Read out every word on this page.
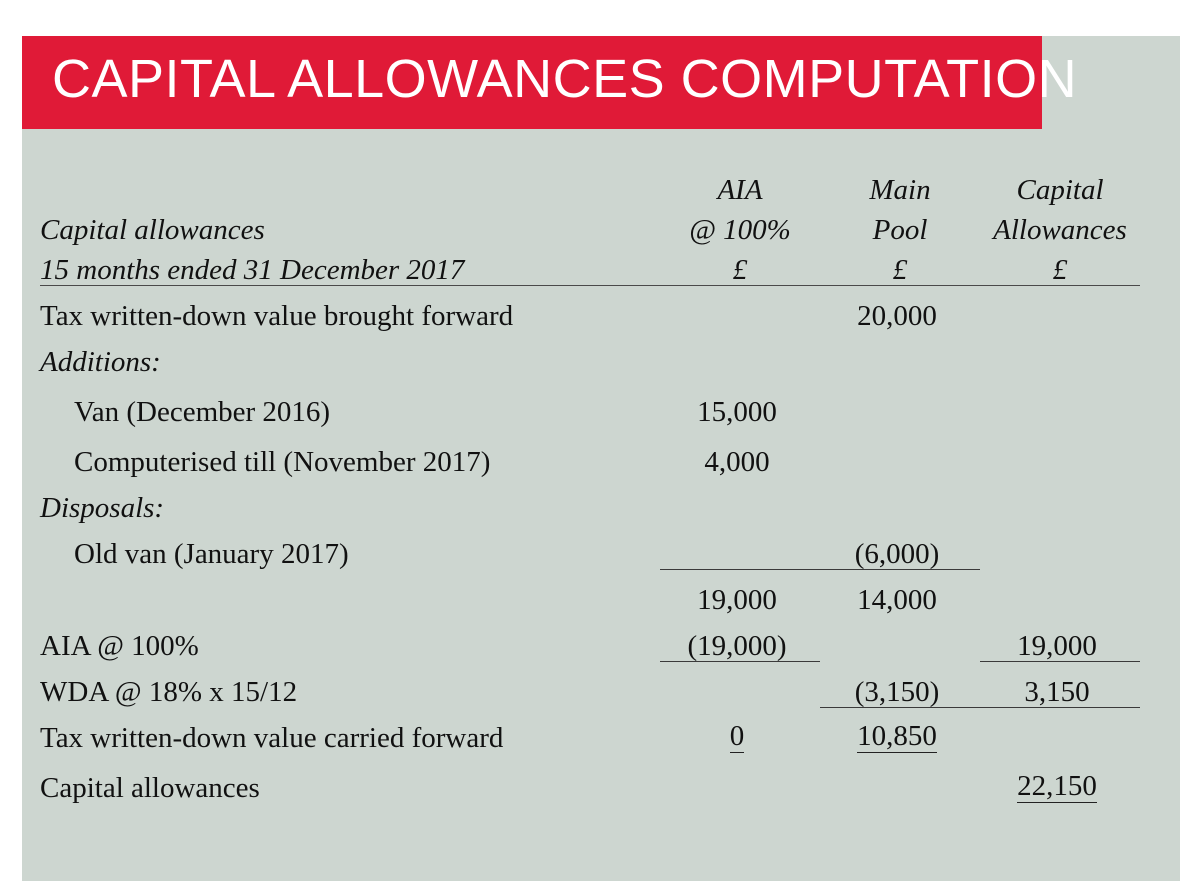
CAPITAL ALLOWANCES COMPUTATION
	AIA	Main	Capital
Capital allowances	@ 100%	Pool	Allowances
15 months ended 31 December 2017	£	£	£
Tax written-down value brought forward		20,000	
Additions:			
Van (December 2016)	15,000		
Computerised till (November 2017)	4,000		
Disposals:			
Old van (January 2017)		(6,000)	
	19,000	14,000	
AIA @ 100%	(19,000)		19,000
WDA @ 18% x 15/12		(3,150)	3,150
Tax written-down value carried forward	0	10,850	
Capital allowances			22,150
